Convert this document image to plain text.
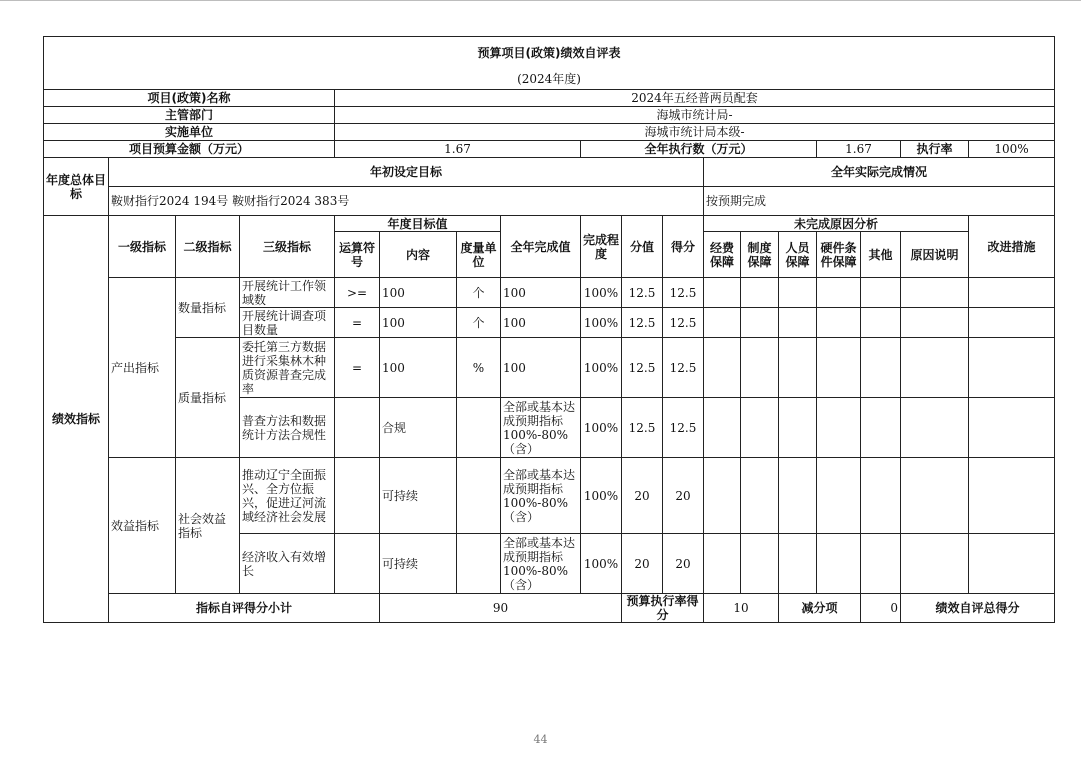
预算项目(政策)绩效自评表																		
(2024年度)																		
项目(政策)名称				2024年五经普两员配套														
主管部门				海城市统计局-														
实施单位				海城市统计局本级-														
项目预算金额（万元）				1.67				全年执行数（万元）						1.67		执行率	100%	
年度总体目标	年初设定目标										全年实际完成情况							
	鞍财指行2024 194号 鞍财指行2024 383号										按预期完成							
绩效指标	一级指标	二级指标	三级指标	年度目标值			全年完成值	完成程度	分值	得分	未完成原因分析						改进措施	
				运算符号	内容	度量单位					经费保障	制度保障	人员保障	硬件条件保障	其他	原因说明		
	产出指标	数量指标	开展统计工作领域数	>=	100	个	100	100%	12.5	12.5								
			开展统计调查项目数量	=	100	个	100	100%	12.5	12.5								
		质量指标	委托第三方数据进行采集林木种质资源普查完成率	=	100	%	100	100%	12.5	12.5								
			普查方法和数据统计方法合规性		合规		全部或基本达成预期指标100%-80%（含）	100%	12.5	12.5								
	效益指标	社会效益指标	推动辽宁全面振兴、全方位振兴，促进辽河流域经济社会发展		可持续		全部或基本达成预期指标100%-80%（含）	100%	20	20								
			经济收入有效增长		可持续		全部或基本达成预期指标100%-80%（含）	100%	20	20								
	指标自评得分小计				90				预算执行率得分		10		减分项		0	绩效自评总得分	
44
